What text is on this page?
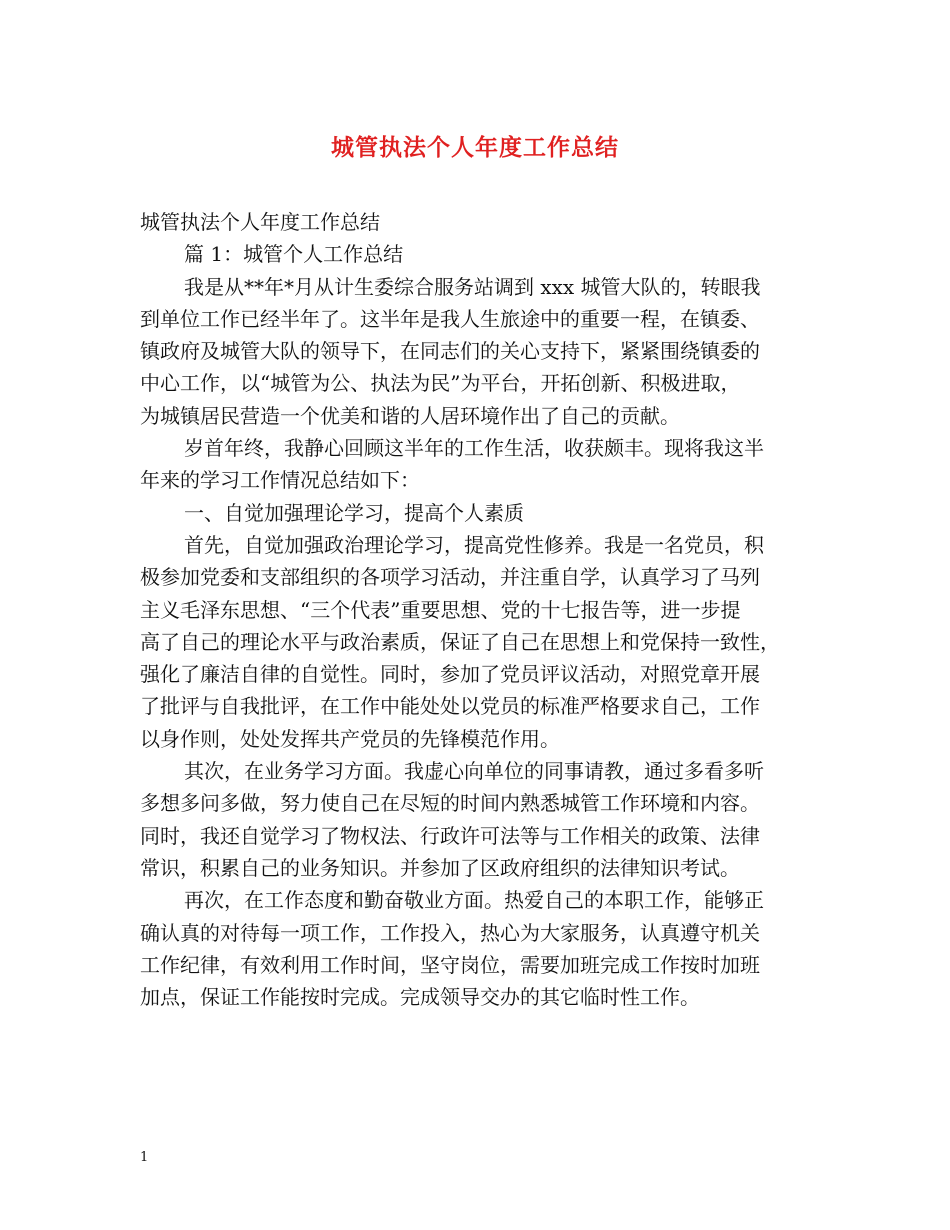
城管执法个人年度工作总结
城管执法个人年度工作总结
篇 1：城管个人工作总结
我是从**年*月从计生委综合服务站调到 xxx 城管大队的，转眼我
到单位工作已经半年了。这半年是我人生旅途中的重要一程，在镇委、
镇政府及城管大队的领导下，在同志们的关心支持下，紧紧围绕镇委的
中心工作，以“城管为公、执法为民”为平台，开拓创新、积极进取，
为城镇居民营造一个优美和谐的人居环境作出了自己的贡献。
岁首年终，我静心回顾这半年的工作生活，收获颇丰。现将我这半
年来的学习工作情况总结如下：
一、自觉加强理论学习，提高个人素质
首先，自觉加强政治理论学习，提高党性修养。我是一名党员，积
极参加党委和支部组织的各项学习活动，并注重自学，认真学习了马列
主义毛泽东思想、“三个代表”重要思想、党的十七报告等，进一步提
高了自己的理论水平与政治素质，保证了自己在思想上和党保持一致性，
强化了廉洁自律的自觉性。同时，参加了党员评议活动，对照党章开展
了批评与自我批评，在工作中能处处以党员的标准严格要求自己，工作
以身作则，处处发挥共产党员的先锋模范作用。
其次，在业务学习方面。我虚心向单位的同事请教，通过多看多听
多想多问多做，努力使自己在尽短的时间内熟悉城管工作环境和内容。
同时，我还自觉学习了物权法、行政许可法等与工作相关的政策、法律
常识，积累自己的业务知识。并参加了区政府组织的法律知识考试。
再次，在工作态度和勤奋敬业方面。热爱自己的本职工作，能够正
确认真的对待每一项工作，工作投入，热心为大家服务，认真遵守机关
工作纪律，有效利用工作时间，坚守岗位，需要加班完成工作按时加班
加点，保证工作能按时完成。完成领导交办的其它临时性工作。
1
